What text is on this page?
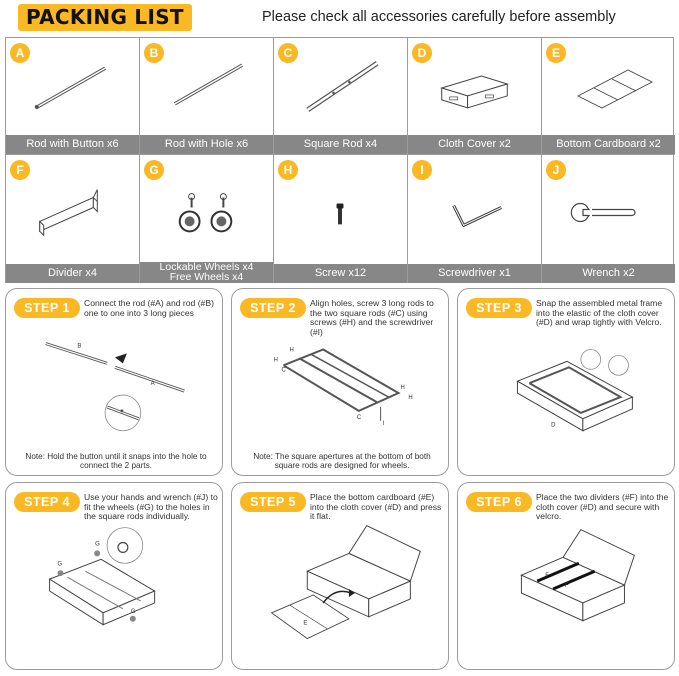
PACKING LIST	Please check all accessories carefully before assembly
A
Rod with Button x6
B
Rod with Hole x6
C
Square Rod x4
D
Cloth Cover x2
E
Bottom Cardboard x2
F
Divider x4
G
Lockable Wheels x4
Free Wheels x4
H
Screw x12
I
Screwdriver x1
J
Wrench x2
STEP 1	Connect the rod (#A) and rod (#B) one to one into 3 long pieces
B
A
Note: Hold the button until it snaps into the hole to connect the 2 parts.
STEP 2	Align holes, screw 3 long rods to the two square rods (#C) using screws (#H) and the screwdriver (#I)
H
H
H
H
C
C
I
Note: The square apertures at the bottom of both square rods are designed for wheels.
STEP 3	Snap the assembled metal frame into the elastic of the cloth cover (#D) and wrap tightly with Velcro.
D
STEP 4	Use your hands and wrench (#J) to fit the wheels (#G) to the holes in the square rods individually.
G
G
G
STEP 5	Place the bottom cardboard (#E) into the cloth cover (#D) and press it flat.
E
STEP 6	Place the two dividers (#F) into the cloth cover (#D) and secure with velcro.
F
F
